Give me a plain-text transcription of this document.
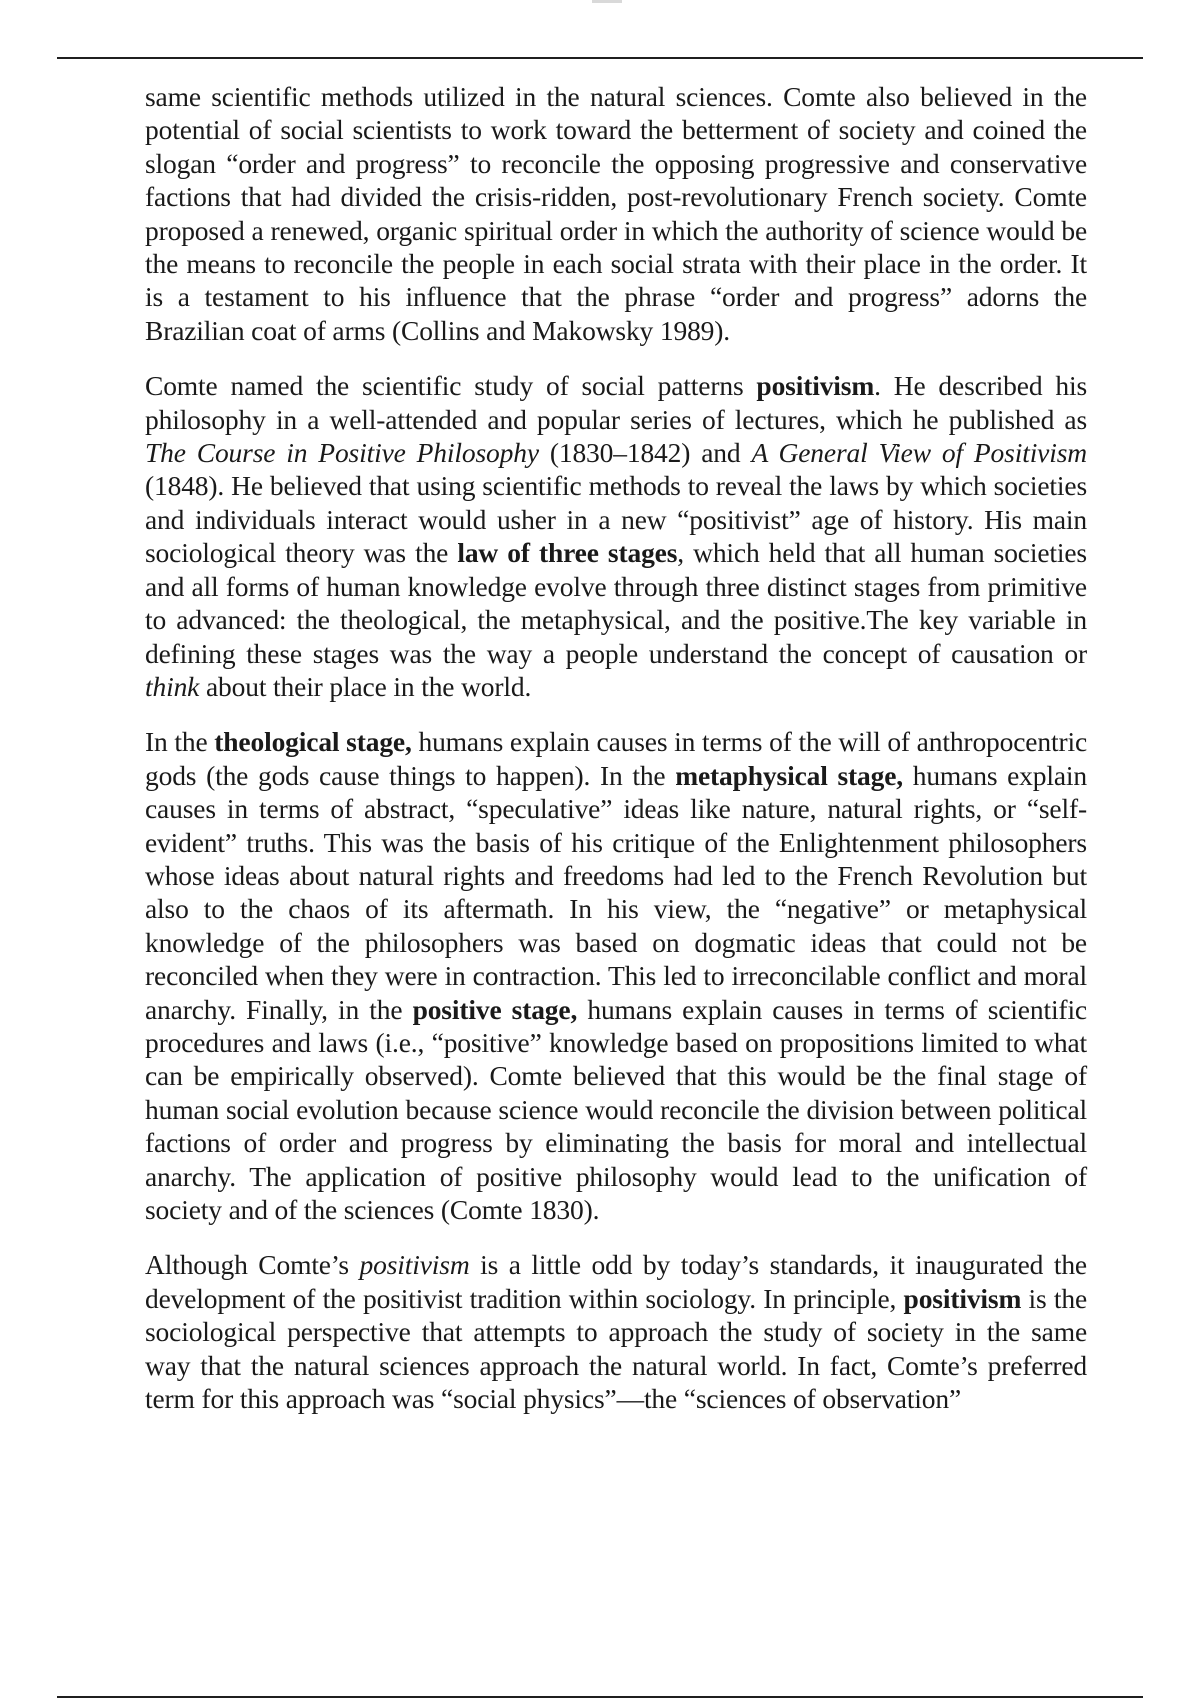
same scientific methods utilized in the natural sciences. Comte also believed in the potential of social scientists to work toward the betterment of society and coined the slogan “order and progress” to reconcile the opposing progressive and conservative factions that had divided the crisis-ridden, post-revolutionary French society. Comte proposed a renewed, organic spiritual order in which the authority of science would be the means to reconcile the people in each social strata with their place in the order. It is a testament to his influence that the phrase “order and progress” adorns the Brazilian coat of arms (Collins and Makowsky 1989).

Comte named the scientific study of social patterns positivism. He described his philosophy in a well-attended and popular series of lectures, which he published as The Course in Positive Philosophy (1830–1842) and A General View of Positivism (1848). He believed that using scientific methods to reveal the laws by which societies and individuals interact would usher in a new “positivist” age of history. His main sociological theory was the law of three stages, which held that all human societies and all forms of human knowledge evolve through three distinct stages from primitive to advanced: the theological, the metaphysical, and the positive.The key variable in defining these stages was the way a people understand the concept of causation or think about their place in the world.

In the theological stage, humans explain causes in terms of the will of anthropocentric gods (the gods cause things to happen). In the metaphysical stage, humans explain causes in terms of abstract, “speculative” ideas like nature, natural rights, or “self-evident” truths. This was the basis of his critique of the Enlightenment philosophers whose ideas about natural rights and freedoms had led to the French Revolution but also to the chaos of its aftermath. In his view, the “negative” or metaphysical knowledge of the philosophers was based on dogmatic ideas that could not be reconciled when they were in contraction. This led to irreconcilable conflict and moral anarchy. Finally, in the positive stage, humans explain causes in terms of scientific procedures and laws (i.e., “positive” knowledge based on propositions limited to what can be empirically observed). Comte believed that this would be the final stage of human social evolution because science would reconcile the division between political factions of order and progress by eliminating the basis for moral and intellectual anarchy. The application of positive philosophy would lead to the unification of society and of the sciences (Comte 1830).

Although Comte’s positivism is a little odd by today’s standards, it inaugurated the development of the positivist tradition within sociology. In principle, positivism is the sociological perspective that attempts to approach the study of society in the same way that the natural sciences approach the natural world. In fact, Comte’s preferred term for this approach was “social physics”—the “sciences of observation”
